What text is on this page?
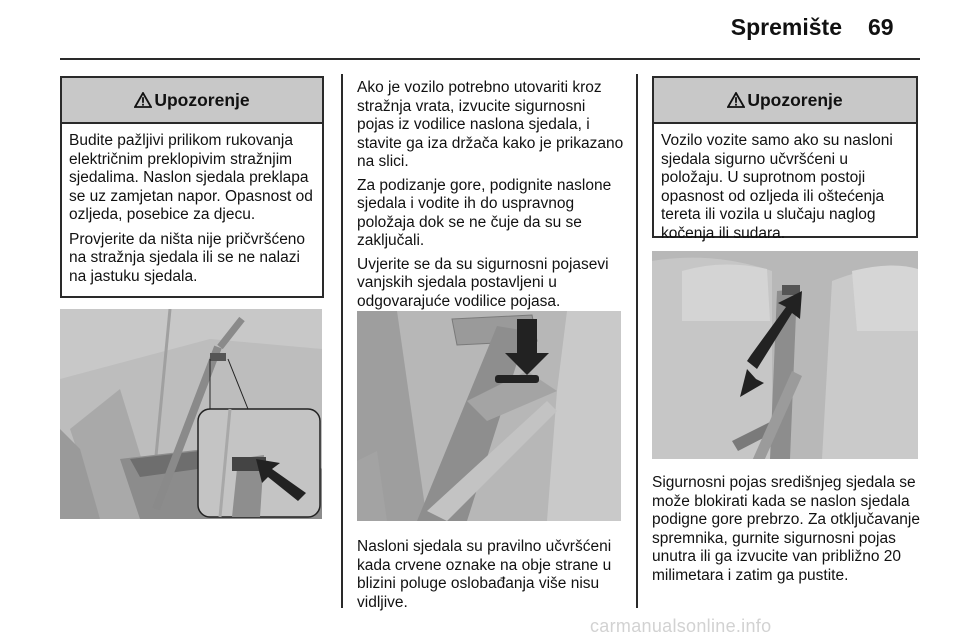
Spremište 69
Upozorenje

Budite pažljivi prilikom rukovanja električnim preklopivim stražnjim sjedalima. Naslon sjedala preklapa se uz zamjetan napor. Opasnost od ozljeda, posebice za djecu.

Provjerite da ništa nije pričvršćeno na stražnja sjedala ili se ne nalazi na jastuku sjedala.

Ako je vozilo potrebno utovariti kroz stražnja vrata, izvucite sigurnosni pojas iz vodilice naslona sjedala, i stavite ga iza držača kako je prikazano na slici.

Za podizanje gore, podignite naslone sjedala i vodite ih do uspravnog položaja dok se ne čuje da su se zaključali.

Uvjerite se da su sigurnosni pojasevi vanjskih sjedala postavljeni u odgovarajuće vodilice pojasa.

Nasloni sjedala su pravilno učvršćeni kada crvene oznake na obje strane u blizini poluge oslobađanja više nisu vidljive.

Upozorenje

Vozilo vozite samo ako su nasloni sjedala sigurno učvršćeni u položaju. U suprotnom postoji opasnost od ozljeda ili oštećenja tereta ili vozila u slučaju naglog kočenja ili sudara.

Sigurnosni pojas središnjeg sjedala se može blokirati kada se naslon sjedala podigne gore prebrzo. Za otključavanje spremnika, gurnite sigurnosni pojas unutra ili ga izvucite van približno 20 milimetara i zatim ga pustite.

carmanualsonline.info
